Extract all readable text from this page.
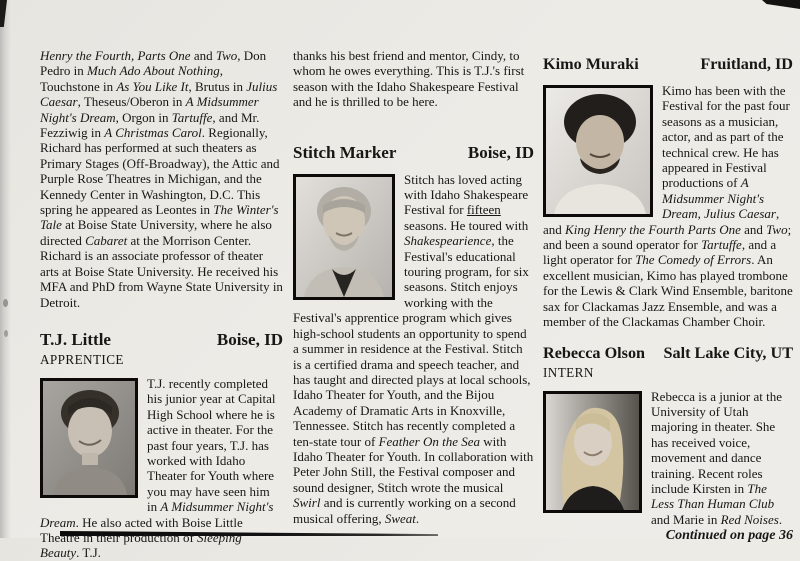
Henry the Fourth, Parts One and Two, Don Pedro in Much Ado About Nothing, Touchstone in As You Like It, Brutus in Julius Caesar, Theseus/Oberon in A Midsummer Night's Dream, Orgon in Tartuffe, and Mr. Fezziwig in A Christmas Carol. Regionally, Richard has performed at such theaters as Primary Stages (Off-Broadway), the Attic and Purple Rose Theatres in Michigan, and the Kennedy Center in Washington, D.C. This spring he appeared as Leontes in The Winter's Tale at Boise State University, where he also directed Cabaret at the Morrison Center. Richard is an associate professor of theater arts at Boise State University. He received his MFA and PhD from Wayne State University in Detroit.

T.J. Little	Boise, ID
APPRENTICE
T.J. recently completed his junior year at Capital High School where he is active in theater. For the past four years, T.J. has worked with Idaho Theater for Youth where you may have seen him in A Midsummer Night's Dream. He also acted with Boise Little Theatre in their production of Sleeping Beauty. T.J.

thanks his best friend and mentor, Cindy, to whom he owes everything. This is T.J.'s first season with the Idaho Shakespeare Festival and he is thrilled to be here.

Stitch Marker	Boise, ID
Stitch has loved acting with Idaho Shakespeare Festival for fifteen seasons. He toured with Shakespearience, the Festival's educational touring program, for six seasons. Stitch enjoys working with the Festival's apprentice program which gives high-school students an opportunity to spend a summer in residence at the Festival. Stitch is a certified drama and speech teacher, and has taught and directed plays at local schools, Idaho Theater for Youth, and the Bijou Academy of Dramatic Arts in Knoxville, Tennessee. Stitch has recently completed a ten-state tour of Feather On the Sea with Idaho Theater for Youth. In collaboration with Peter John Still, the Festival composer and sound designer, Stitch wrote the musical Swirl and is currently working on a second musical offering, Sweat.
Kimo Muraki	Fruitland, ID
Kimo has been with the Festival for the past four seasons as a musician, actor, and as part of the technical crew. He has appeared in Festival productions of A Midsummer Night's Dream, Julius Caesar, and King Henry the Fourth Parts One and Two; and been a sound operator for Tartuffe, and a light operator for The Comedy of Errors. An excellent musician, Kimo has played trombone for the Lewis & Clark Wind Ensemble, baritone sax for Clackamas Jazz Ensemble, and was a member of the Clackamas Chamber Choir.
Rebecca Olson Salt Lake City, UT
INTERN
Rebecca is a junior at the University of Utah majoring in theater. She has received voice, movement and dance training. Recent roles include Kirsten in The Less Than Human Club and Marie in Red Noises.
Continued on page 36
